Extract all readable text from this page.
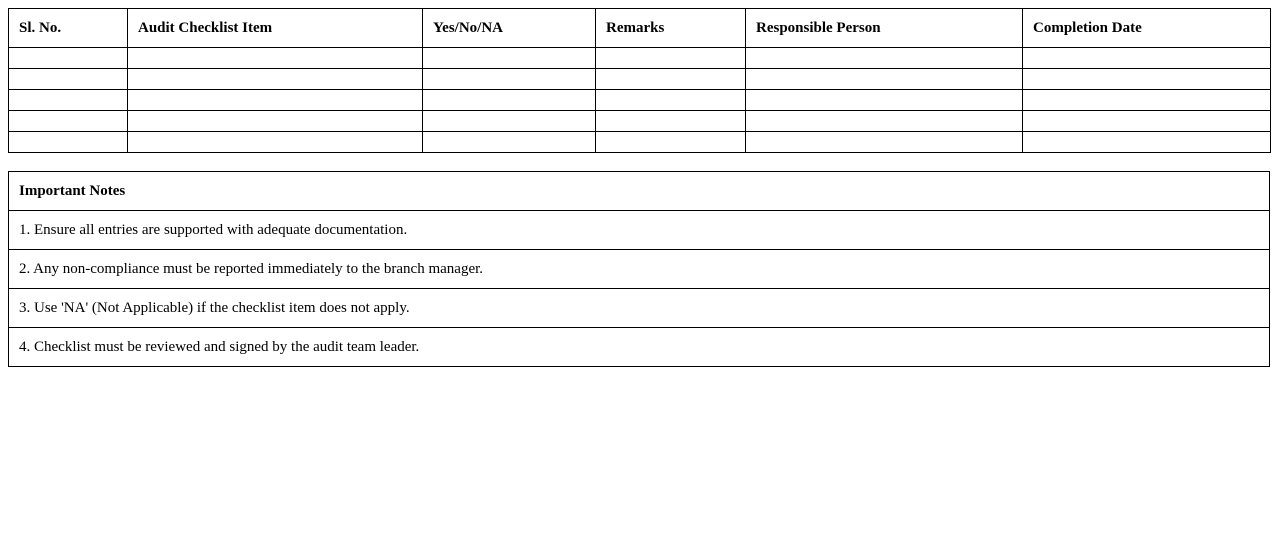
Sl. No.	Audit Checklist Item	Yes/No/NA	Remarks	Responsible Person	Completion Date

Important Notes
1. Ensure all entries are supported with adequate documentation.
2. Any non-compliance must be reported immediately to the branch manager.
3. Use 'NA' (Not Applicable) if the checklist item does not apply.
4. Checklist must be reviewed and signed by the audit team leader.
